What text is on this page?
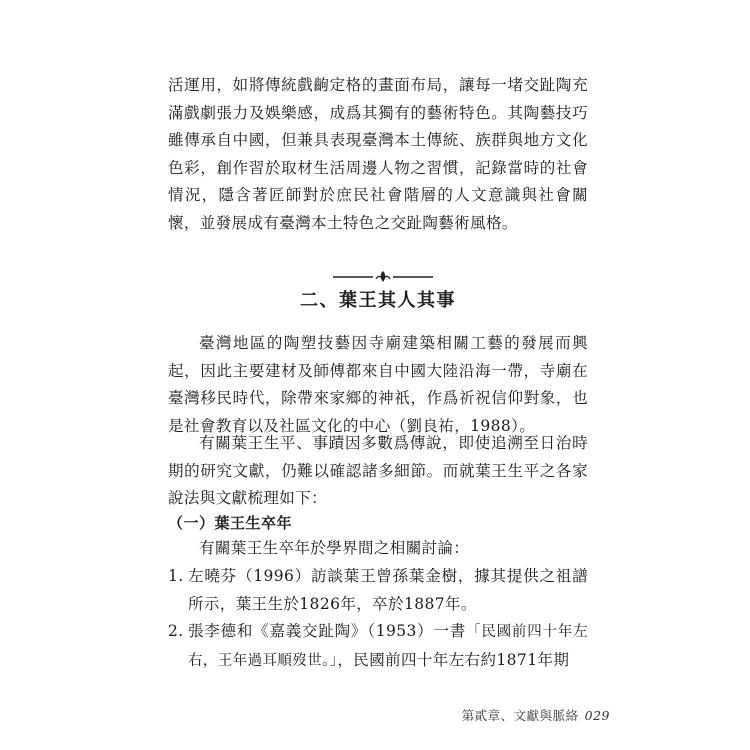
活運用，如將傳統戲齣定格的畫面布局，讓每一堵交趾陶充滿戲劇張力及娛樂感，成爲其獨有的藝術特色。其陶藝技巧雖傳承自中國，但兼具表現臺灣本土傳統、族群與地方文化色彩，創作習於取材生活周邊人物之習慣，記錄當時的社會情況，隱含著匠師對於庶民社會階層的人文意識與社會關懷，並發展成有臺灣本土特色之交趾陶藝術風格。

二、葉王其人其事

臺灣地區的陶塑技藝因寺廟建築相關工藝的發展而興起，因此主要建材及師傅都來自中國大陸沿海一帶，寺廟在臺灣移民時代，除帶來家鄉的神祇，作爲祈祝信仰對象，也是社會教育以及社區文化的中心（劉良祐，1988）。

有關葉王生平、事蹟因多數爲傳說，即使追溯至日治時期的研究文獻，仍難以確認諸多細節。而就葉王生平之各家說法與文獻梳理如下：

（一）葉王生卒年

有關葉王生卒年於學界間之相關討論：

1. 左曉芬（1996）訪談葉王曾孫葉金樹，據其提供之祖譜所示，葉王生於1826年，卒於1887年。
2. 張李德和《嘉義交趾陶》（1953）一書「民國前四十年左右，王年過耳順歿世。」，民國前四十年左右約1871年期
第貳章、文獻與脈絡 029
